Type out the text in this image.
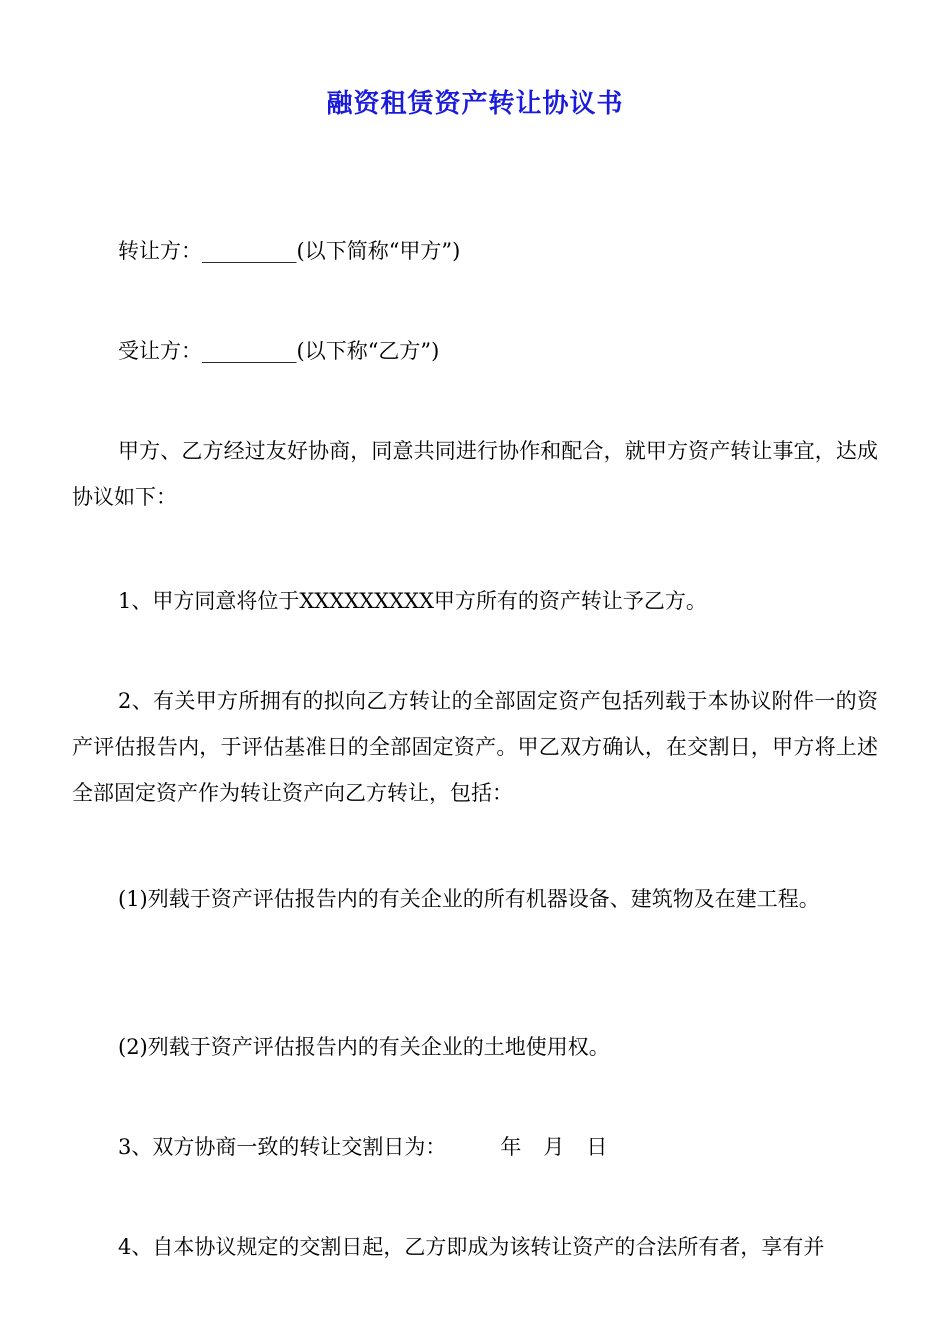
融资租赁资产转让协议书
转让方：_________(以下简称“甲方”)
受让方：_________(以下称“乙方”)
甲方、乙方经过友好协商，同意共同进行协作和配合，就甲方资产转让事宜，达成协议如下：
1、甲方同意将位于XXXXXXXXX甲方所有的资产转让予乙方。
2、有关甲方所拥有的拟向乙方转让的全部固定资产包括列载于本协议附件一的资产评估报告内，于评估基准日的全部固定资产。甲乙双方确认，在交割日，甲方将上述全部固定资产作为转让资产向乙方转让，包括：
(1)列载于资产评估报告内的有关企业的所有机器设备、建筑物及在建工程。
(2)列载于资产评估报告内的有关企业的土地使用权。
3、双方协商一致的转让交割日为：	年 月 日
4、自本协议规定的交割日起，乙方即成为该转让资产的合法所有者，享有并
